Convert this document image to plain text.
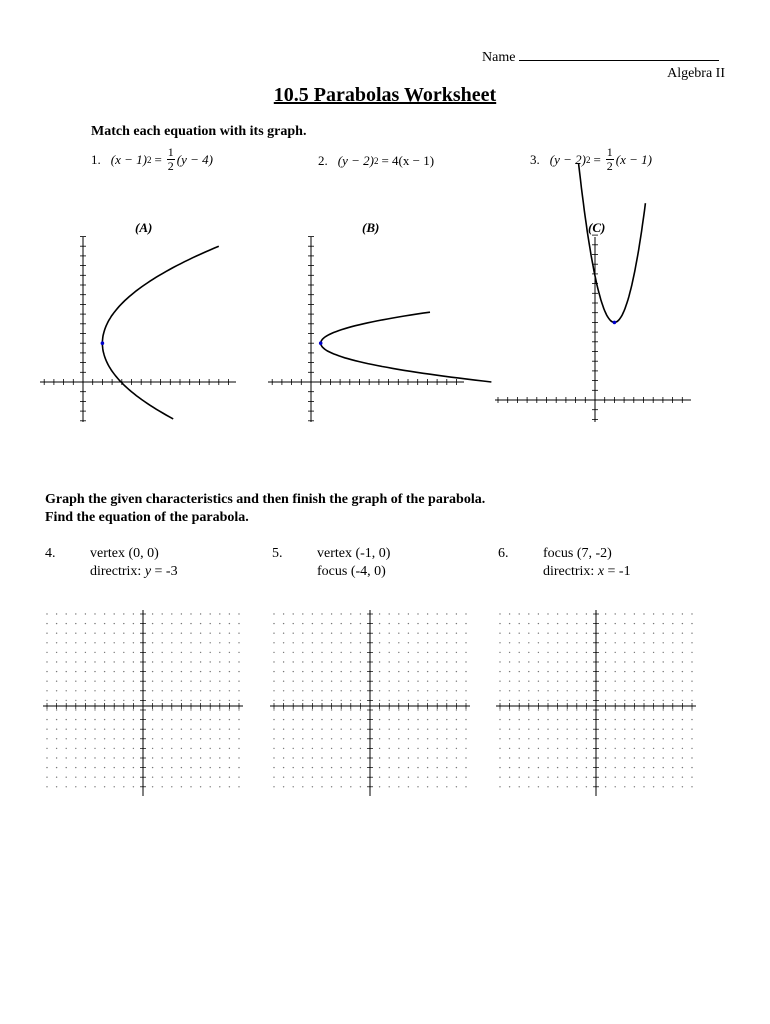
Name
Algebra II
10.5 Parabolas Worksheet
Match each equation with its graph.
1. (x − 1) $2 = \frac{1}{2} (y - 4)$	2. (y − 2) 2 = 4(x − 1)	3. (y − 2) $2 = \frac{1}{2} (x - 1)$
(A)	(B)	(C)
Graph the given characteristics and then finish the graph of the parabola.
Find the equation of the parabola.
4. vertex (0, 0)
directrix: y = -3
5. vertex (-1, 0)
focus (-4, 0)
6. focus (7, -2)
directrix: x = -1
